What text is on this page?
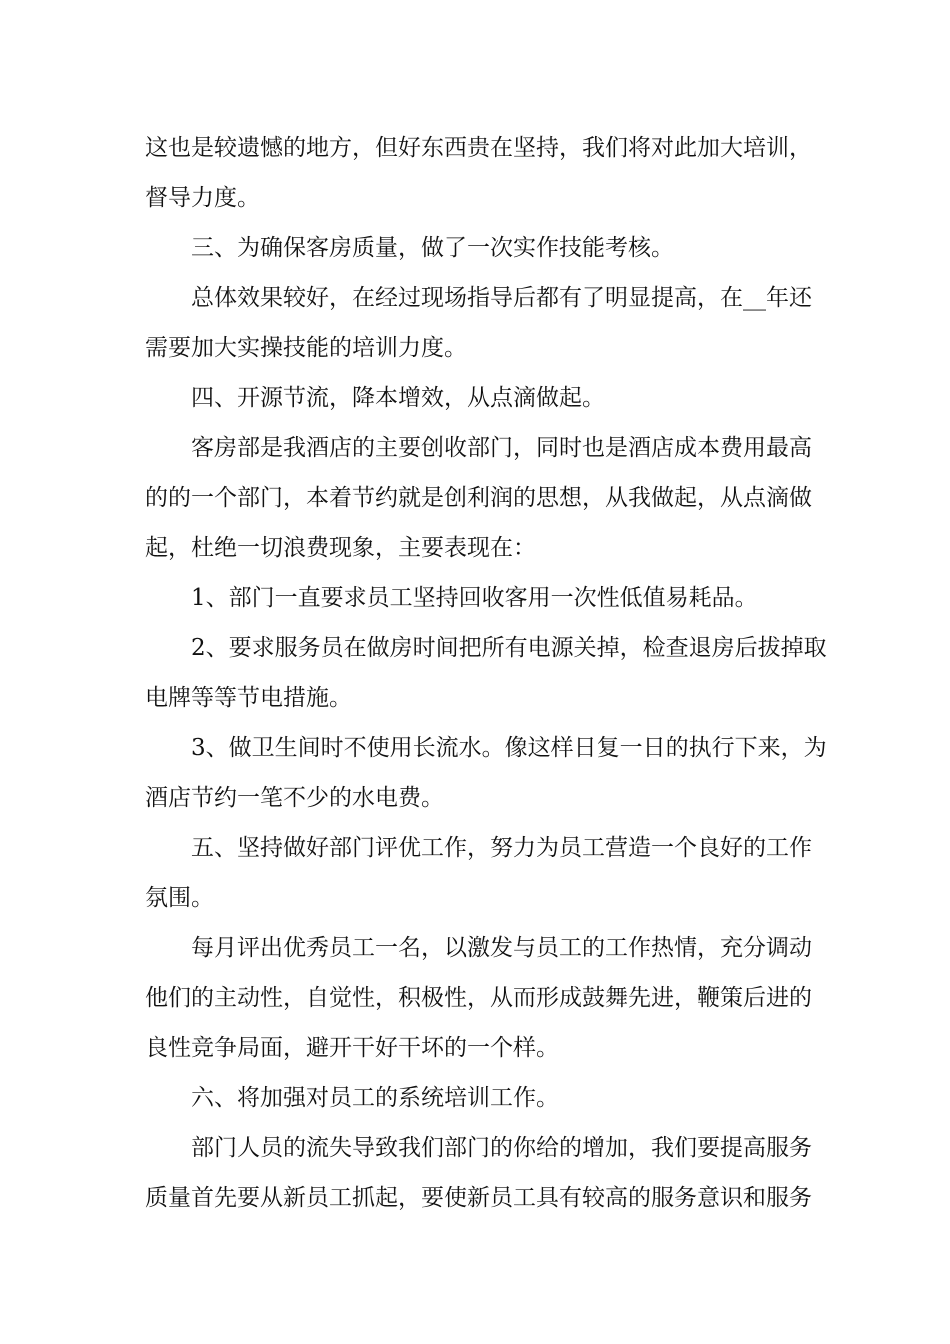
这也是较遗憾的地方，但好东西贵在坚持，我们将对此加大培训，
督导力度。

三、为确保客房质量，做了一次实作技能考核。

总体效果较好，在经过现场指导后都有了明显提高，在__年还
需要加大实操技能的培训力度。

四、开源节流，降本增效，从点滴做起。

客房部是我酒店的主要创收部门，同时也是酒店成本费用最高
的的一个部门，本着节约就是创利润的思想，从我做起，从点滴做
起，杜绝一切浪费现象，主要表现在：

1、部门一直要求员工坚持回收客用一次性低值易耗品。

2、要求服务员在做房时间把所有电源关掉，检查退房后拔掉取
电牌等等节电措施。

3、做卫生间时不使用长流水。像这样日复一日的执行下来，为
酒店节约一笔不少的水电费。

五、坚持做好部门评优工作，努力为员工营造一个良好的工作
氛围。

每月评出优秀员工一名，以激发与员工的工作热情，充分调动
他们的主动性，自觉性，积极性，从而形成鼓舞先进，鞭策后进的
良性竞争局面，避开干好干坏的一个样。

六、将加强对员工的系统培训工作。

部门人员的流失导致我们部门的你给的增加，我们要提高服务
质量首先要从新员工抓起，要使新员工具有较高的服务意识和服务
